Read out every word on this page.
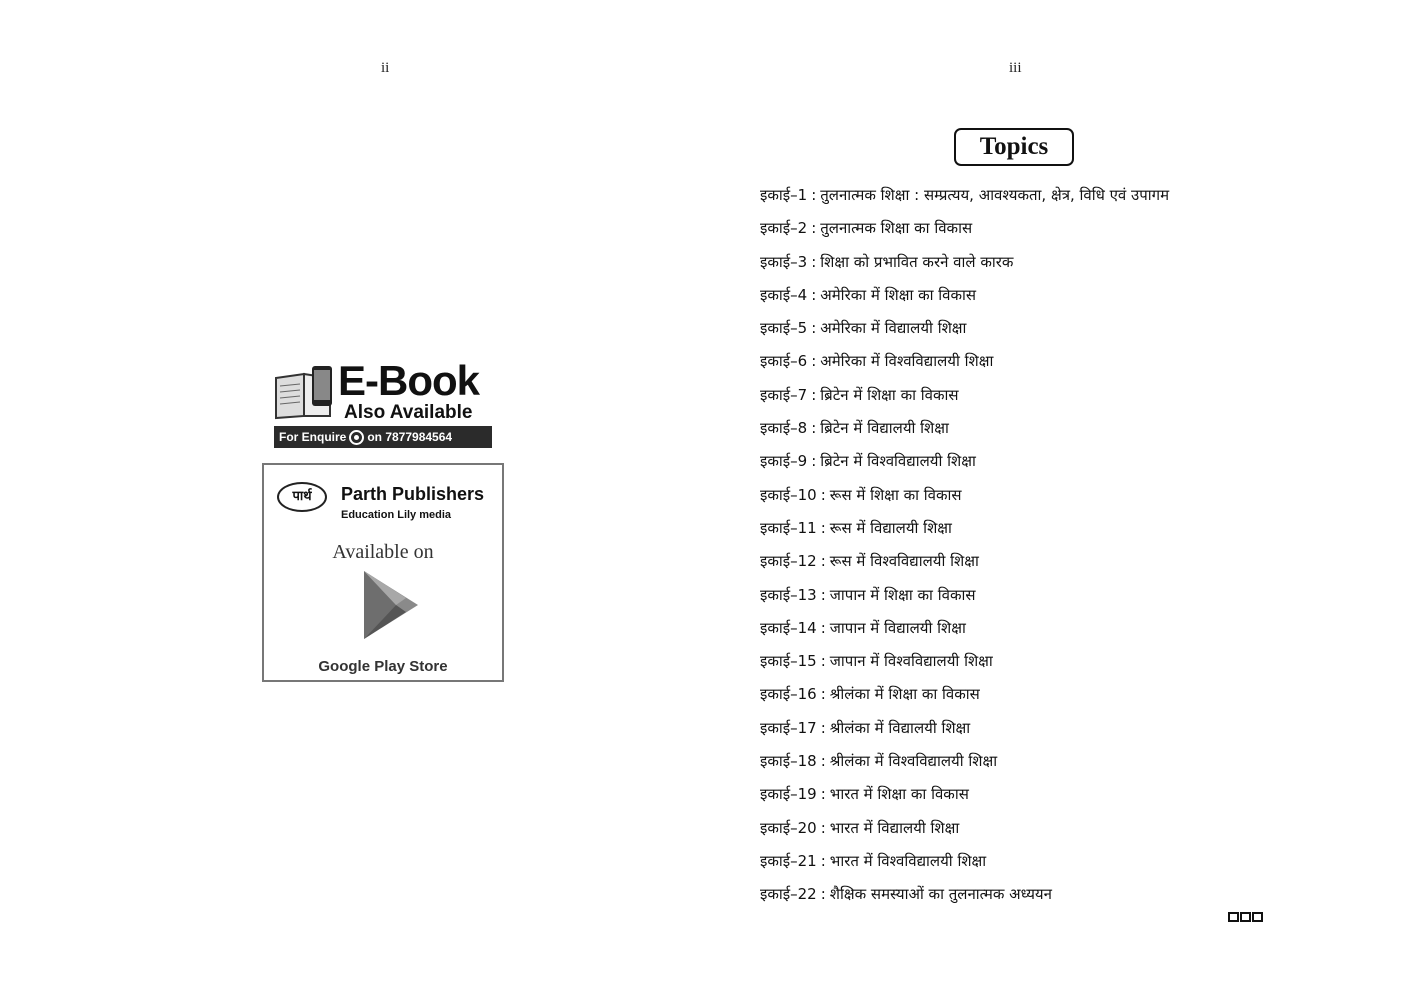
ii
E-Book
Also Available
For Enquire on 7877984564
पार्थ	Parth Publishers
Education Lily media
Available on
Google Play Store
iii
Topics
इकाई–1 : तुलनात्मक शिक्षा : सम्प्रत्यय, आवश्यकता, क्षेत्र, विधि एवं उपागम
इकाई–2 : तुलनात्मक शिक्षा का विकास
इकाई–3 : शिक्षा को प्रभावित करने वाले कारक
इकाई–4 : अमेरिका में शिक्षा का विकास
इकाई–5 : अमेरिका में विद्यालयी शिक्षा
इकाई–6 : अमेरिका में विश्वविद्यालयी शिक्षा
इकाई–7 : ब्रिटेन में शिक्षा का विकास
इकाई–8 : ब्रिटेन में विद्यालयी शिक्षा
इकाई–9 : ब्रिटेन में विश्वविद्यालयी शिक्षा
इकाई–10 : रूस में शिक्षा का विकास
इकाई–11 : रूस में विद्यालयी शिक्षा
इकाई–12 : रूस में विश्वविद्यालयी शिक्षा
इकाई–13 : जापान में शिक्षा का विकास
इकाई–14 : जापान में विद्यालयी शिक्षा
इकाई–15 : जापान में विश्वविद्यालयी शिक्षा
इकाई–16 : श्रीलंका में शिक्षा का विकास
इकाई–17 : श्रीलंका में विद्यालयी शिक्षा
इकाई–18 : श्रीलंका में विश्वविद्यालयी शिक्षा
इकाई–19 : भारत में शिक्षा का विकास
इकाई–20 : भारत में विद्यालयी शिक्षा
इकाई–21 : भारत में विश्वविद्यालयी शिक्षा
इकाई–22 : शैक्षिक समस्याओं का तुलनात्मक अध्ययन
